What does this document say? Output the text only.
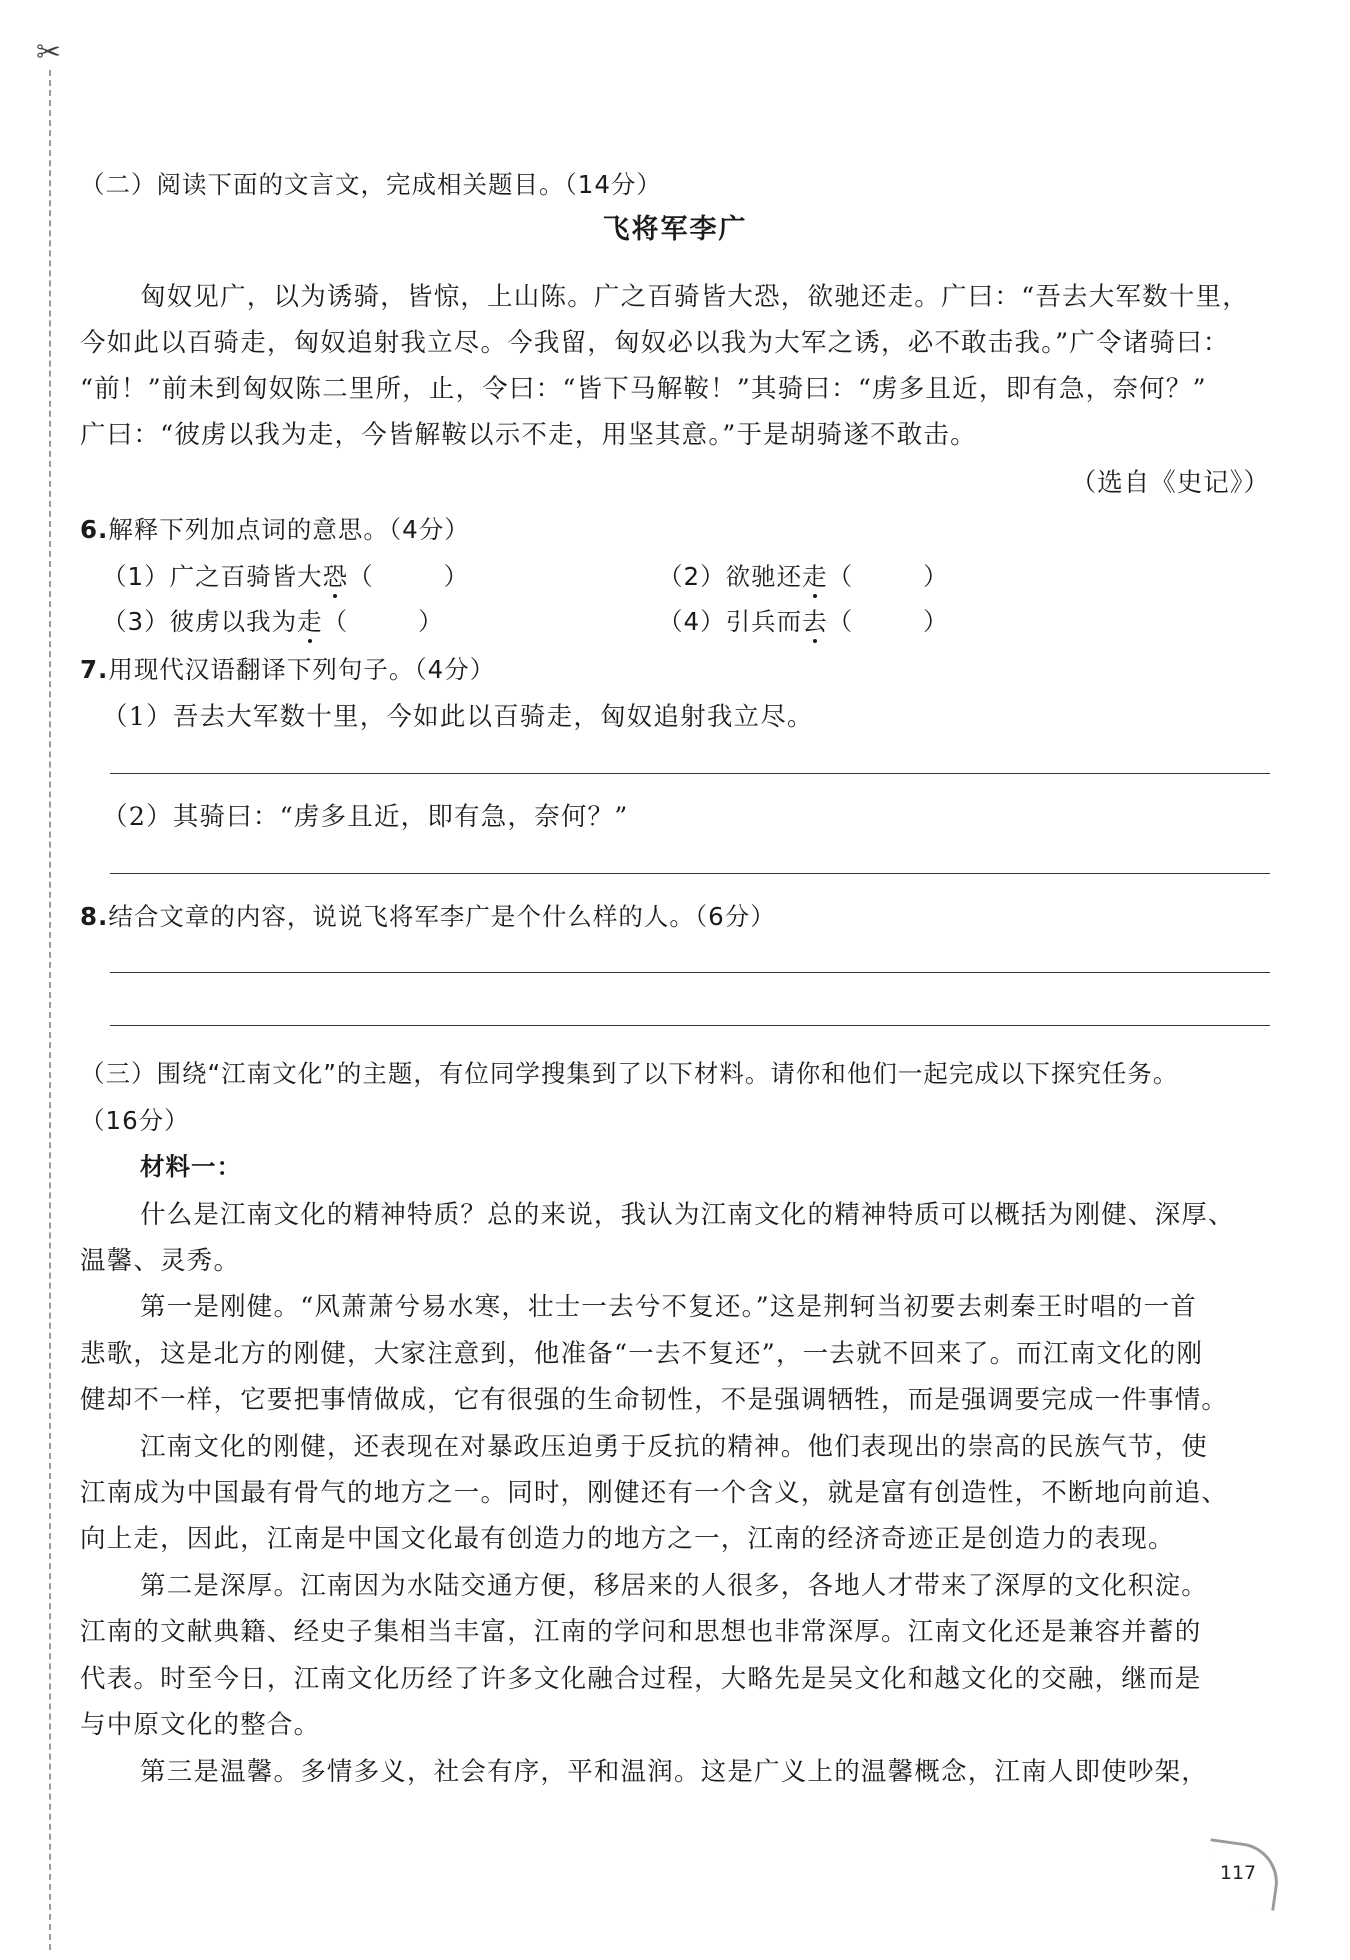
✂

（二）阅读下面的文言文，完成相关题目。（14分）

飞将军李广

匈奴见广，以为诱骑，皆惊，上山陈。广之百骑皆大恐，欲驰还走。广曰：“吾去大军数十里，

今如此以百骑走，匈奴追射我立尽。今我留，匈奴必以我为大军之诱，必不敢击我。”广令诸骑曰：

“前！”前未到匈奴陈二里所，止，令曰：“皆下马解鞍！”其骑曰：“虏多且近，即有急，奈何？”

广曰：“彼虏以我为走，今皆解鞍以示不走，用坚其意。”于是胡骑遂不敢击。

（选自《史记》）

6.解释下列加点词的意思。（4分）

（1）广之百骑皆大恐（	）	（2）欲驰还走（	）
（3）彼虏以我为走（	）	（4）引兵而去（	）

7.用现代汉语翻译下列句子。（4分）

（1）吾去大军数十里，今如此以百骑走，匈奴追射我立尽。

（2）其骑曰：“虏多且近，即有急，奈何？”

8.结合文章的内容，说说飞将军李广是个什么样的人。（6分）

（三）围绕“江南文化”的主题，有位同学搜集到了以下材料。请你和他们一起完成以下探究任务。

（16分）

材料一：

什么是江南文化的精神特质？总的来说，我认为江南文化的精神特质可以概括为刚健、深厚、

温馨、灵秀。

第一是刚健。“风萧萧兮易水寒，壮士一去兮不复还。”这是荆轲当初要去刺秦王时唱的一首

悲歌，这是北方的刚健，大家注意到，他准备“一去不复还”，一去就不回来了。而江南文化的刚

健却不一样，它要把事情做成，它有很强的生命韧性，不是强调牺牲，而是强调要完成一件事情。

江南文化的刚健，还表现在对暴政压迫勇于反抗的精神。他们表现出的崇高的民族气节，使

江南成为中国最有骨气的地方之一。同时，刚健还有一个含义，就是富有创造性，不断地向前追、

向上走，因此，江南是中国文化最有创造力的地方之一，江南的经济奇迹正是创造力的表现。

第二是深厚。江南因为水陆交通方便，移居来的人很多，各地人才带来了深厚的文化积淀。

江南的文献典籍、经史子集相当丰富，江南的学问和思想也非常深厚。江南文化还是兼容并蓄的

代表。时至今日，江南文化历经了许多文化融合过程，大略先是吴文化和越文化的交融，继而是

与中原文化的整合。

第三是温馨。多情多义，社会有序，平和温润。这是广义上的温馨概念，江南人即使吵架，

117
